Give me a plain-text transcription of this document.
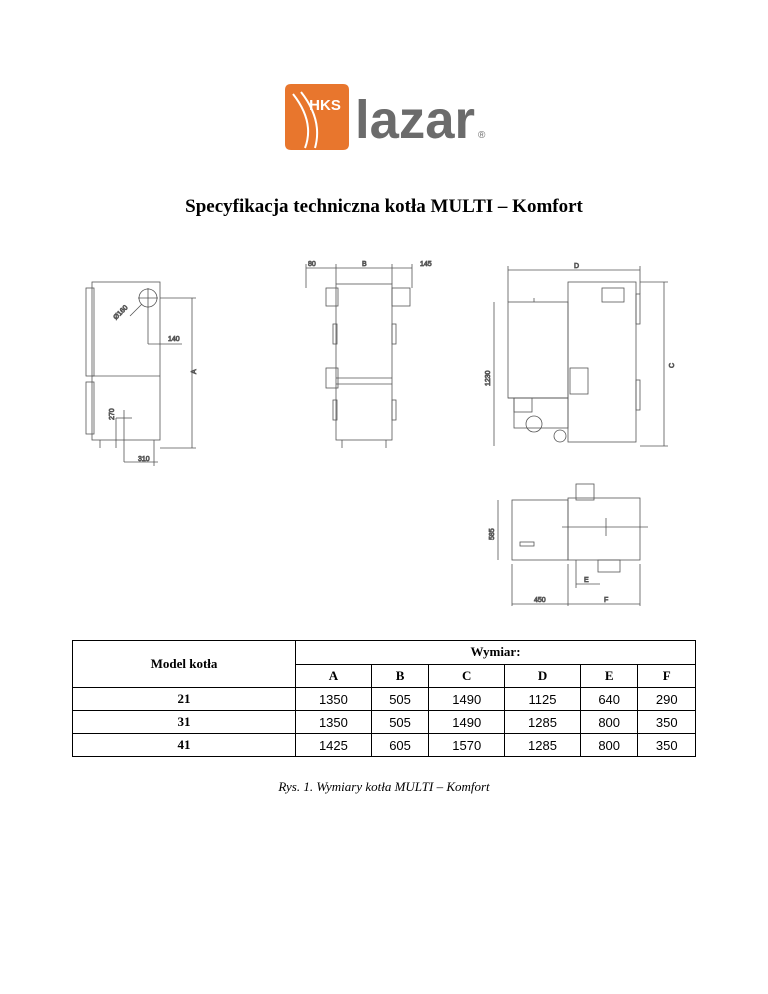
HKS lazar ®
Specyfikacja techniczna kotła MULTI – Komfort
Ø160
140
A
270
310
80	B	145	D
1230
C
585
E
450	F
Model kotła	Wymiar:					
	A	B	C	D	E	F
21	1350	505	1490	1125	640	290
31	1350	505	1490	1285	800	350
41	1425	605	1570	1285	800	350
Rys. 1. Wymiary kotła MULTI – Komfort
